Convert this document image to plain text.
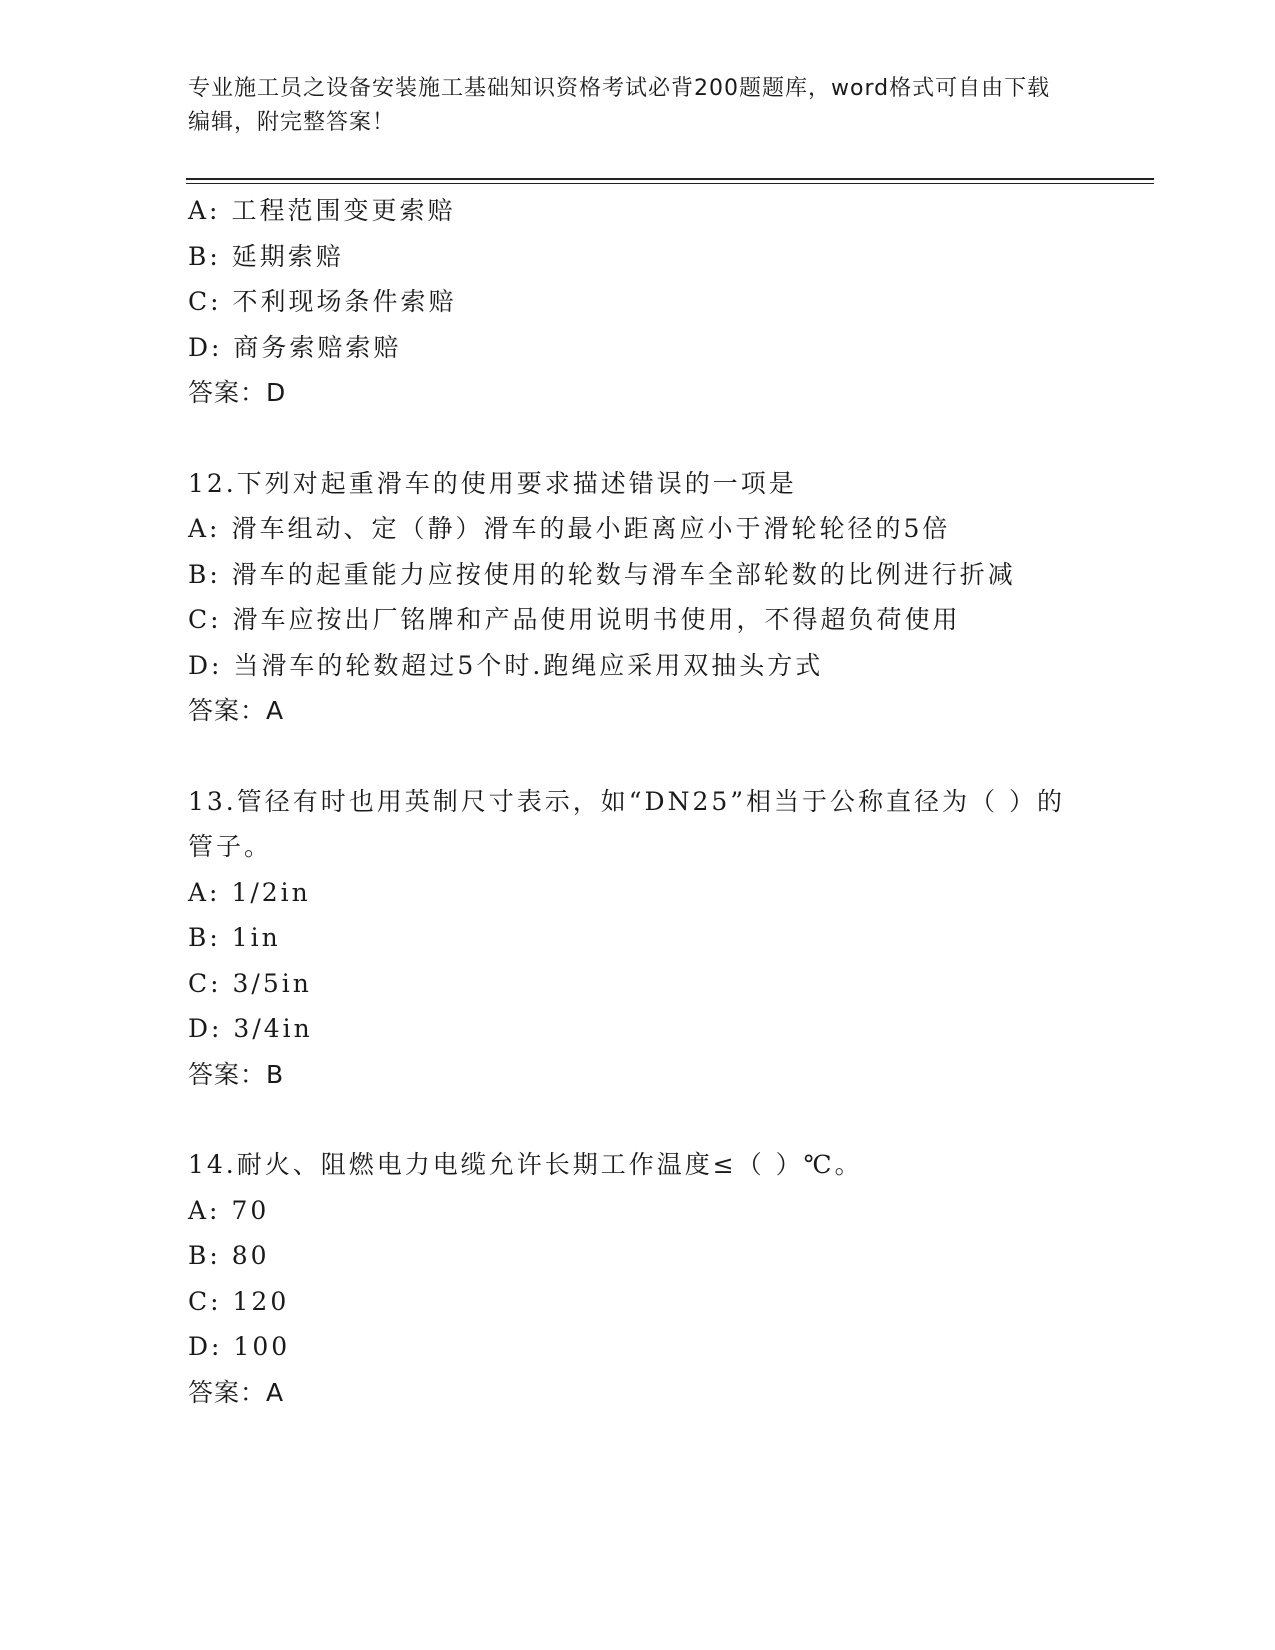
专业施工员之设备安装施工基础知识资格考试必背200题题库，word格式可自由下载编辑，附完整答案！
A: 工程范围变更索赔
B: 延期索赔
C: 不利现场条件索赔
D: 商务索赔索赔
答案：D
12.下列对起重滑车的使用要求描述错误的一项是
A: 滑车组动、定（静）滑车的最小距离应小于滑轮轮径的5倍
B: 滑车的起重能力应按使用的轮数与滑车全部轮数的比例进行折减
C: 滑车应按出厂铭牌和产品使用说明书使用，不得超负荷使用
D: 当滑车的轮数超过5个时.跑绳应采用双抽头方式
答案：A
13.管径有时也用英制尺寸表示，如“DN25”相当于公称直径为（ ）的管子。
A: 1/2in
B: 1in
C: 3/5in
D: 3/4in
答案：B
14.耐火、阻燃电力电缆允许长期工作温度≤（ ）℃。
A: 70
B: 80
C: 120
D: 100
答案：A
